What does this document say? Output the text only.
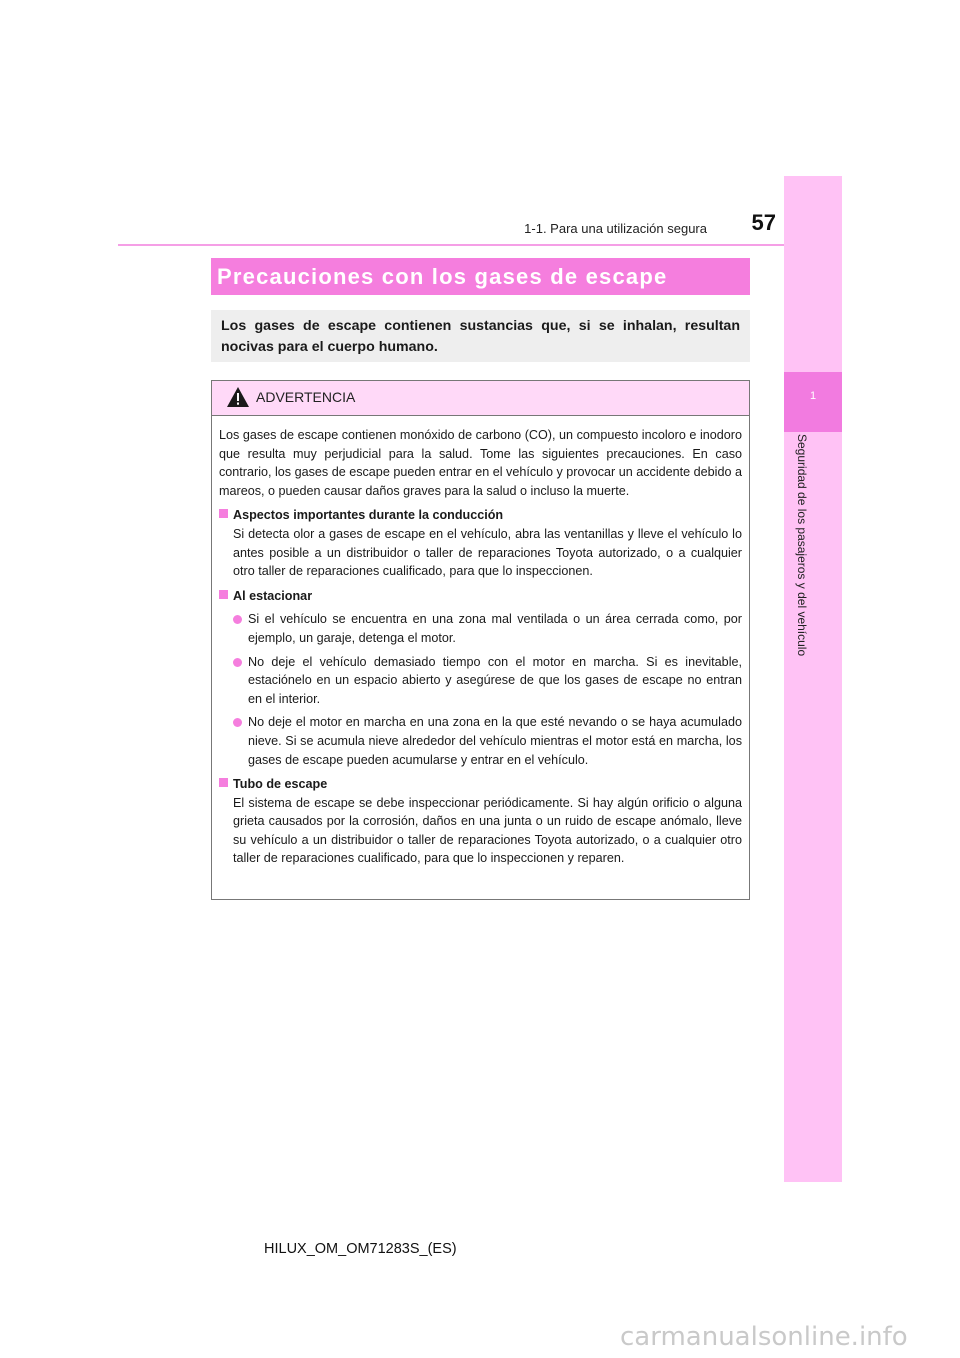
1-1. Para una utilización segura	57
1
Seguridad de los pasajeros y del vehículo
Precauciones con los gases de escape
Los gases de escape contienen sustancias que, si se inhalan, resultan nocivas para el cuerpo humano.
ADVERTENCIA

Los gases de escape contienen monóxido de carbono (CO), un compuesto incoloro e inodoro que resulta muy perjudicial para la salud. Tome las siguientes precauciones. En caso contrario, los gases de escape pueden entrar en el vehículo y provocar un accidente debido a mareos, o pueden causar daños graves para la salud o incluso la muerte.

Aspectos importantes durante la conducción

Si detecta olor a gases de escape en el vehículo, abra las ventanillas y lleve el vehículo lo antes posible a un distribuidor o taller de reparaciones Toyota autorizado, o a cualquier otro taller de reparaciones cualificado, para que lo inspeccionen.

Al estacionar
Si el vehículo se encuentra en una zona mal ventilada o un área cerrada como, por ejemplo, un garaje, detenga el motor.
No deje el vehículo demasiado tiempo con el motor en marcha. Si es inevitable, estaciónelo en un espacio abierto y asegúrese de que los gases de escape no entran en el interior.
No deje el motor en marcha en una zona en la que esté nevando o se haya acumulado nieve. Si se acumula nieve alrededor del vehículo mientras el motor está en marcha, los gases de escape pueden acumularse y entrar en el vehículo.
Tubo de escape

El sistema de escape se debe inspeccionar periódicamente. Si hay algún orificio o alguna grieta causados por la corrosión, daños en una junta o un ruido de escape anómalo, lleve su vehículo a un distribuidor o taller de reparaciones Toyota autorizado, o a cualquier otro taller de reparaciones cualificado, para que lo inspeccionen y reparen.

HILUX_OM_OM71283S_(ES)
carmanualsonline.info
